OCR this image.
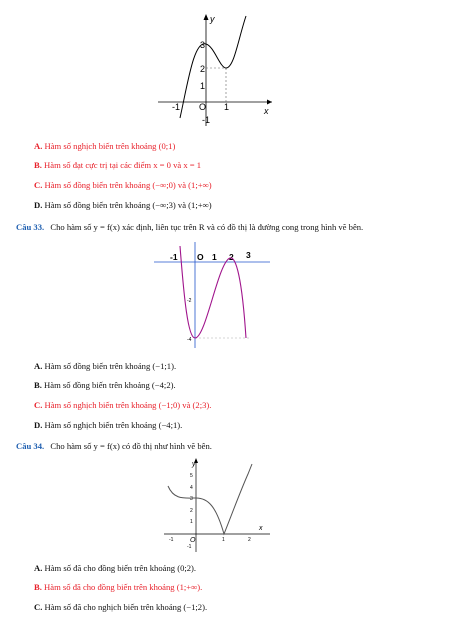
y
x
3
2
1
-1
-1 O 1
A. Hàm số nghịch biến trên khoảng (0;1)
B. Hàm số đạt cực trị tại các điểm x = 0 và x = 1
C. Hàm số đồng biến trên khoảng (−∞;0) và (1;+∞)
D. Hàm số đồng biến trên khoảng (−∞;3) và (1;+∞)
Câu 33. Cho hàm số y = f(x) xác định, liên tục trên R và có đồ thị là đường cong trong hình vẽ bên.
-1 O 1 2 3
-2
-4
A. Hàm số đồng biến trên khoảng (−1;1).
B. Hàm số đồng biến trên khoảng (−4;2).
C. Hàm số nghịch biến trên khoảng (−1;0) và (2;3).
D. Hàm số nghịch biến trên khoảng (−4;1).
Câu 34. Cho hàm số y = f(x) có đồ thị như hình vẽ bên.
y
x
5
4
3
2
1
-1
-1 O	1	2
A. Hàm số đã cho đồng biến trên khoảng (0;2).
B. Hàm số đã cho đồng biến trên khoảng (1;+∞).
C. Hàm số đã cho nghịch biến trên khoảng (−1;2).
